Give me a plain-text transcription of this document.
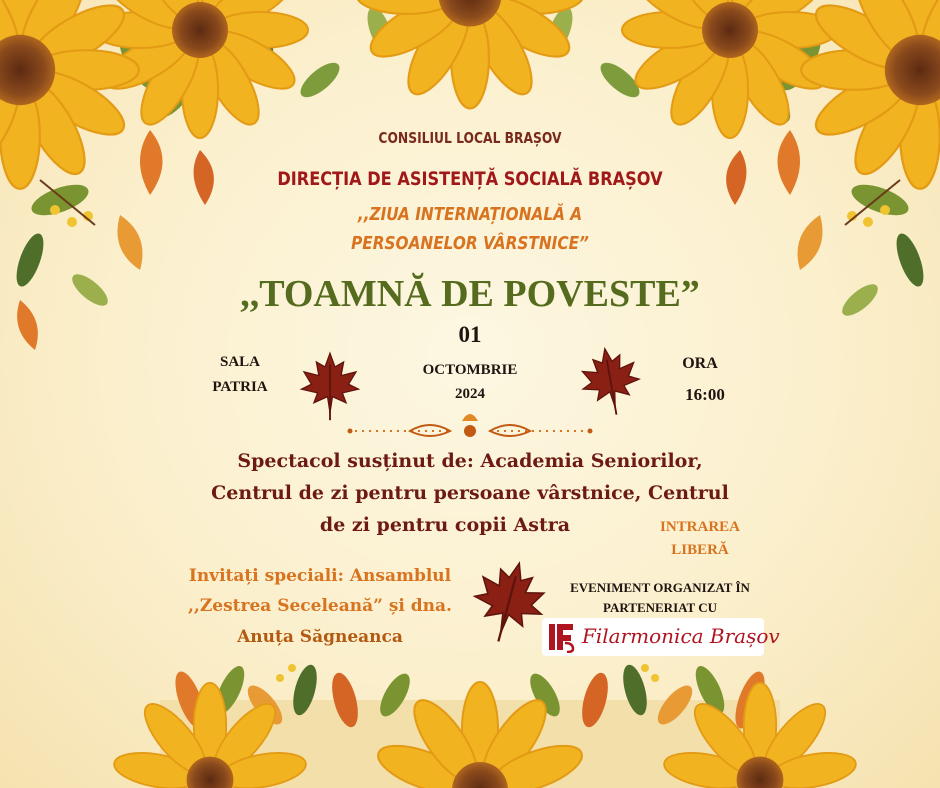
CONSILIUL LOCAL BRAȘOV
DIRECȚIA DE ASISTENȚĂ SOCIALĂ BRAȘOV
,,ZIUA INTERNAȚIONALĂ A
PERSOANELOR VÂRSTNICE”
,,TOAMNĂ DE POVESTE”
01
OCTOMBRIE
2024
SALA
PATRIA
ORA
16:00
Spectacol susținut de: Academia Seniorilor,
Centrul de zi pentru persoane vârstnice, Centrul
de zi pentru copii Astra	INTRAREA
LIBERĂ
Invitați speciali: Ansamblul
,,Zestrea Seceleană” și dna.
Anuța Săgneanca
EVENIMENT ORGANIZAT ÎN
PARTENERIAT CU
Filarmonica Brașov
